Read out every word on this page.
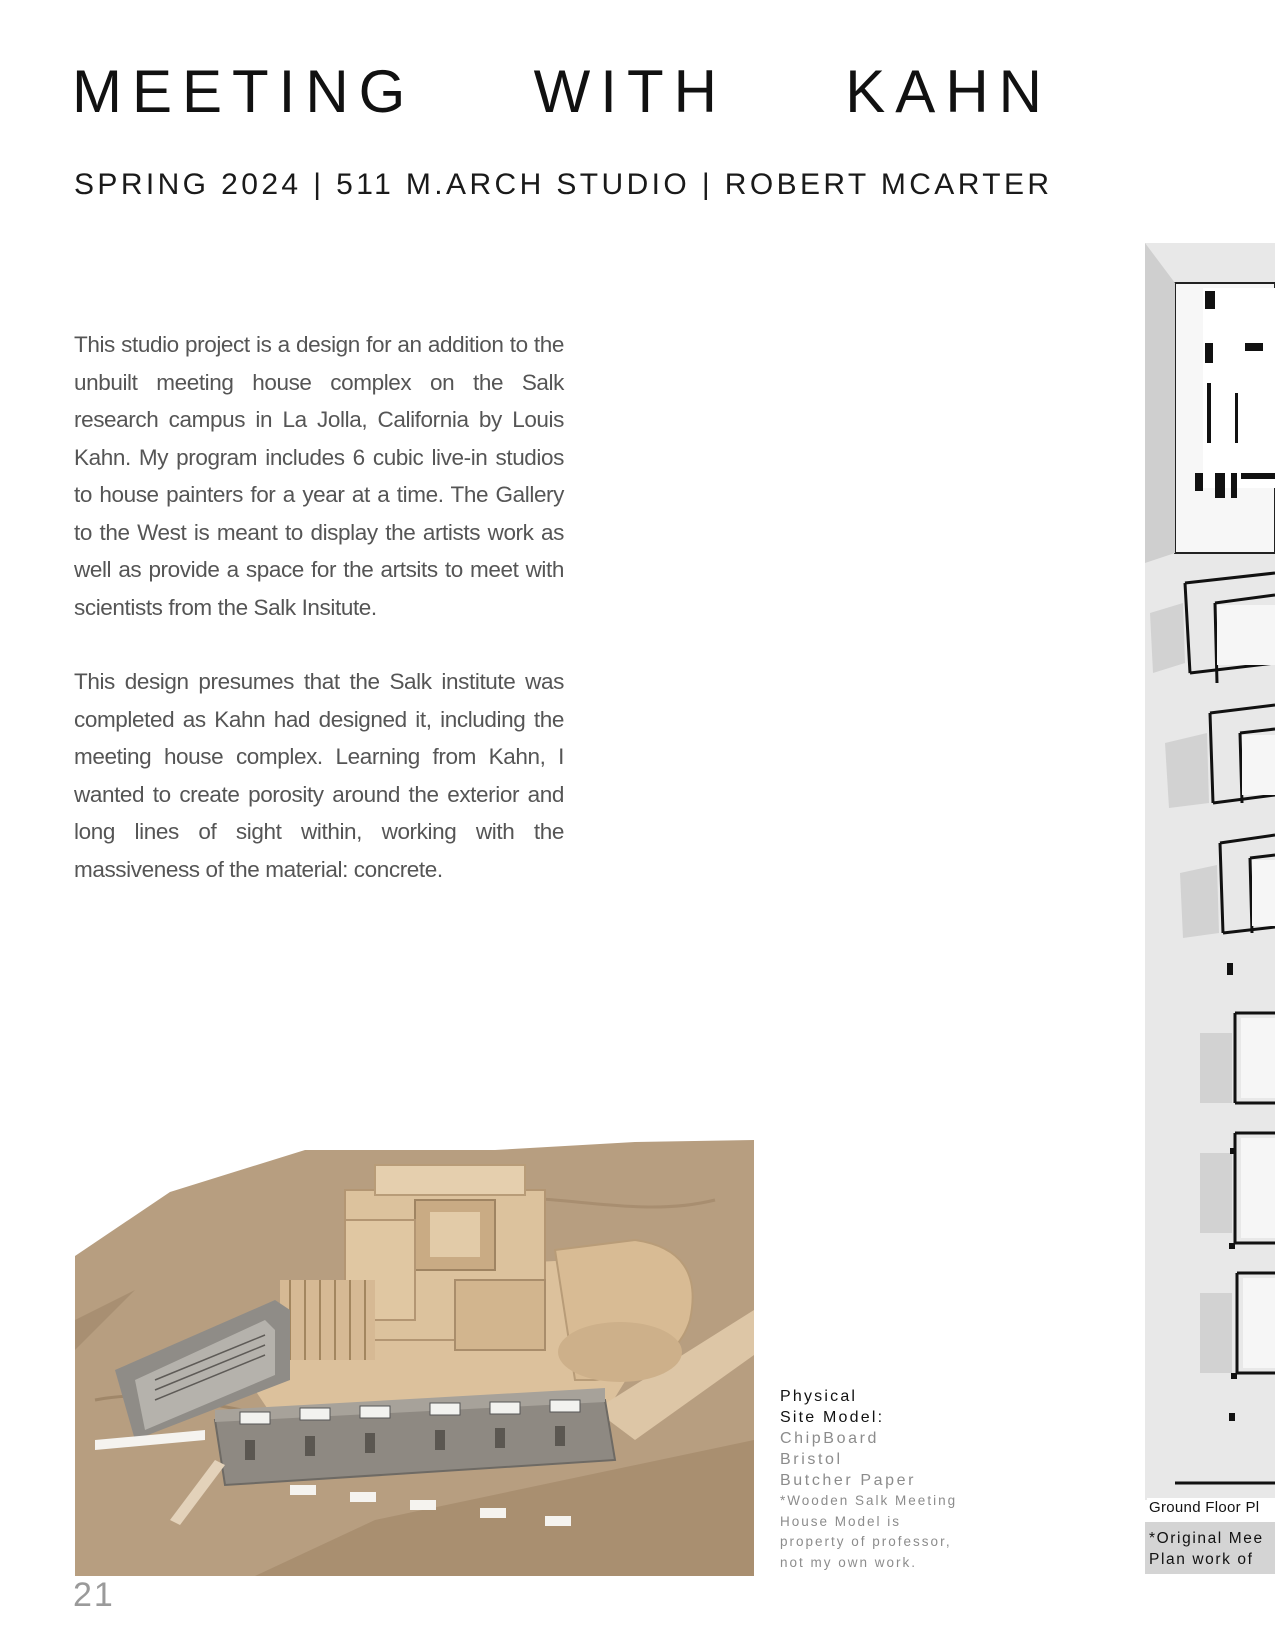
MEETING WITH KAHN

SPRING 2024 | 511 M.ARCH STUDIO | ROBERT MCARTER

This studio project is a design for an addition to the unbuilt meeting house complex on the Salk research campus in La Jolla, California by Louis Kahn. My program includes 6 cubic live-in studios to house painters for a year at a time. The Gallery to the West is meant to display the artists work as well as provide a space for the artsits to meet with scientists from the Salk Insitute.

This design presumes that the Salk institute was completed as Kahn had designed it, including the meeting house complex. Learning from Kahn, I wanted to create porosity around the exterior and long lines of sight within, working with the massiveness of the material: concrete.

Physical
Site Model:
ChipBoard
Bristol
Butcher Paper
*Wooden Salk Meeting
House Model is
property of professor,
not my own work.
Ground Floor Pl
*Original Mee
Plan work of
21
